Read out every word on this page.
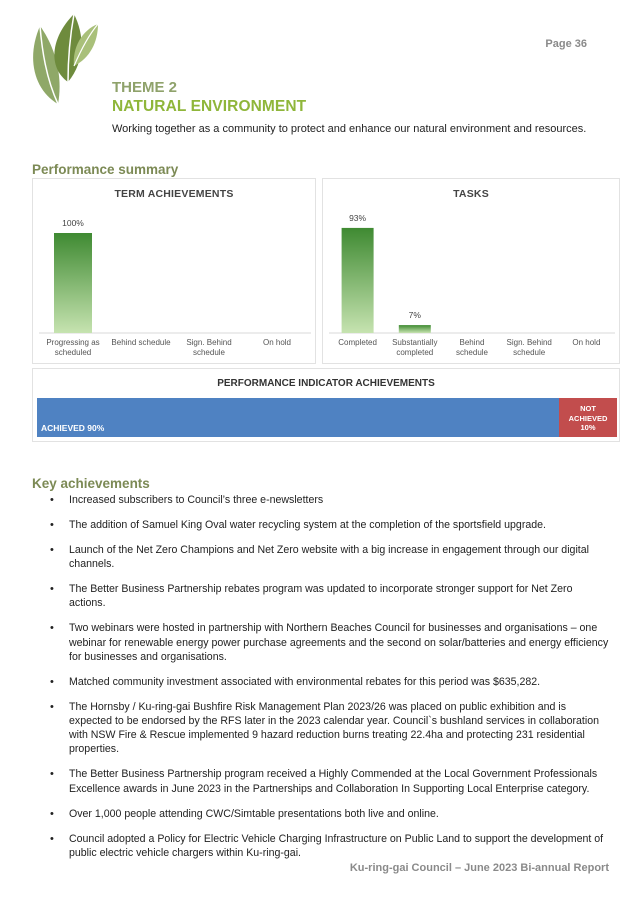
Page 36
THEME 2
NATURAL ENVIRONMENT
Working together as a community to protect and enhance our natural environment and resources.
Performance summary
TERM ACHIEVEMENTS
100%
Progressing as scheduled
Behind schedule	Sign. Behind schedule
On hold
TASKS
93%
Completed
7%
Substantially completed
Behind schedule
Sign. Behind schedule
On hold
PERFORMANCE INDICATOR ACHIEVEMENTS
ACHIEVED 90%
NOT
ACHIEVED
10%
Key achievements
• Increased subscribers to Council’s three e-newsletters
• The addition of Samuel King Oval water recycling system at the completion of the sportsfield upgrade.
• Launch of the Net Zero Champions and Net Zero website with a big increase in engagement through our digital channels.
• The Better Business Partnership rebates program was updated to incorporate stronger support for Net Zero actions.
• Two webinars were hosted in partnership with Northern Beaches Council for businesses and organisations – one webinar for renewable energy power purchase agreements and the second on solar/batteries and energy efficiency for businesses and organisations.
• Matched community investment associated with environmental rebates for this period was $635,282.
• The Hornsby / Ku-ring-gai Bushfire Risk Management Plan 2023/26 was placed on public exhibition and is expected to be endorsed by the RFS later in the 2023 calendar year. Council`s bushland services in collaboration with NSW Fire & Rescue implemented 9 hazard reduction burns treating 22.4ha and protecting 231 residential properties.
• The Better Business Partnership program received a Highly Commended at the Local Government Professionals Excellence awards in June 2023 in the Partnerships and Collaboration In Supporting Local Enterprise category.
• Over 1,000 people attending CWC/Simtable presentations both live and online.
• Council adopted a Policy for Electric Vehicle Charging Infrastructure on Public Land to support the development of public electric vehicle chargers within Ku-ring-gai.
Ku-ring-gai Council – June 2023 Bi-annual Report
